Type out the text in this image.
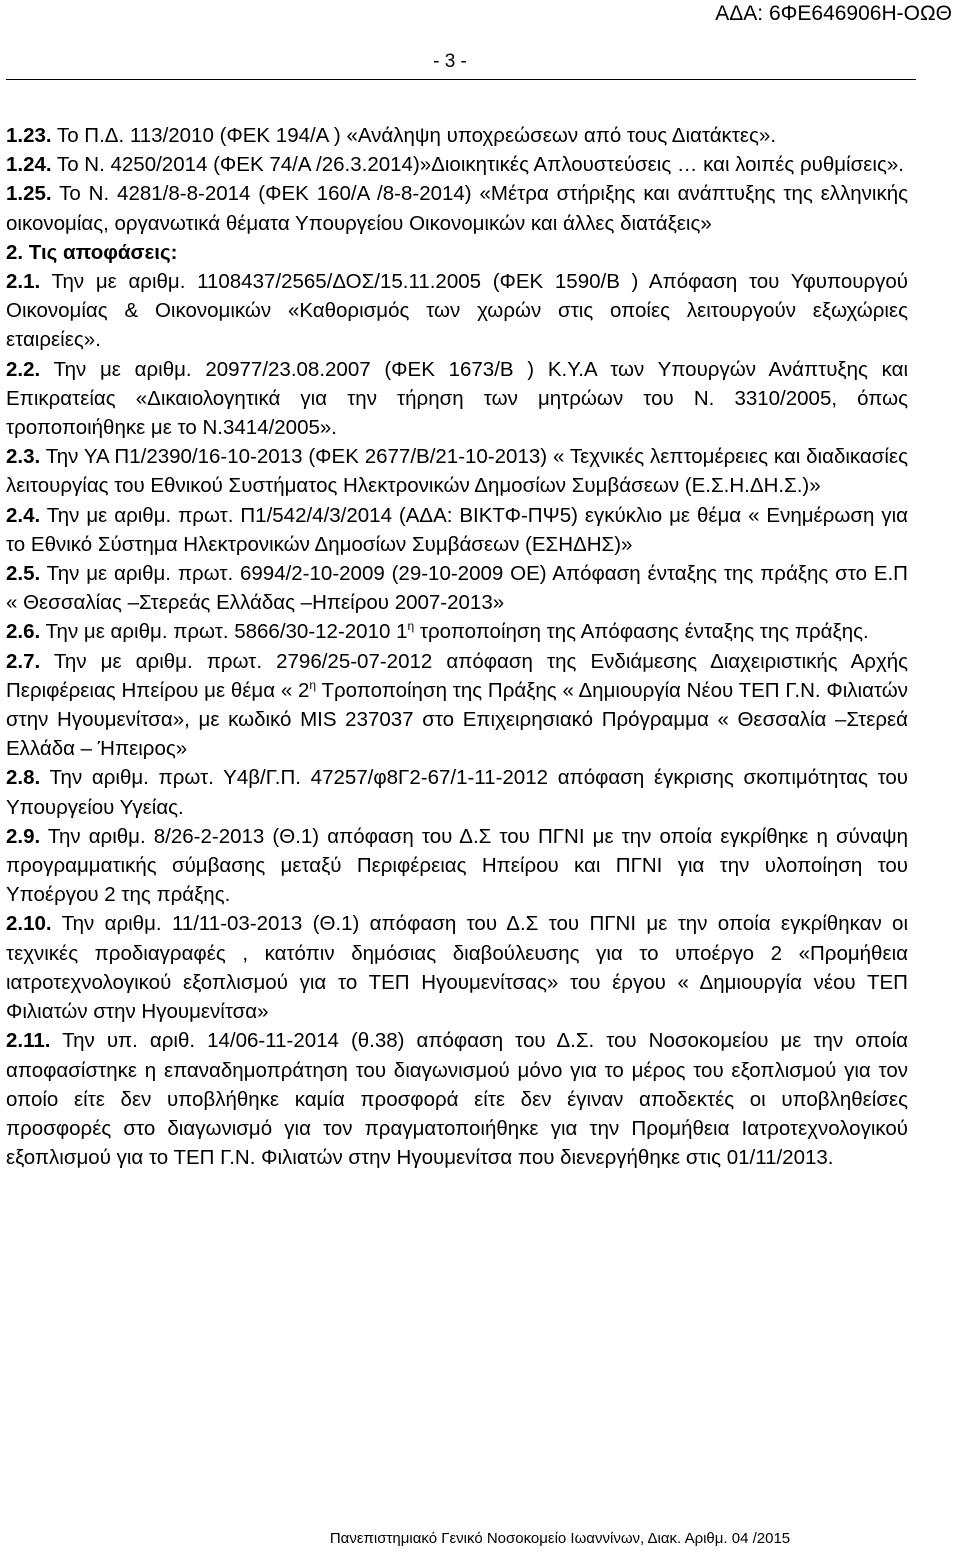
ΑΔΑ: 6ΦΕ646906Η-ΟΩΘ
- 3 -

1.23. Το Π.Δ. 113/2010 (ΦΕΚ 194/Α ) «Ανάληψη υποχρεώσεων από τους Διατάκτες».

1.24. Το Ν. 4250/2014 (ΦΕΚ 74/Α /26.3.2014)»Διοικητικές Απλουστεύσεις … και λοιπές ρυθμίσεις».

1.25. Το Ν. 4281/8-8-2014 (ΦΕΚ 160/Α /8-8-2014) «Μέτρα στήριξης και ανάπτυξης της ελληνικής οικονομίας, οργανωτικά θέματα Υπουργείου Οικονομικών και άλλες διατάξεις»

2. Τις αποφάσεις:

2.1. Την με αριθμ. 1108437/2565/ΔΟΣ/15.11.2005 (ΦΕΚ 1590/Β ) Απόφαση του Υφυπουργού Οικονομίας & Οικονομικών «Καθορισμός των χωρών στις οποίες λειτουργούν εξωχώριες εταιρείες».

2.2. Την με αριθμ. 20977/23.08.2007 (ΦΕΚ 1673/Β ) Κ.Υ.Α των Υπουργών Ανάπτυξης και Επικρατείας «Δικαιολογητικά για την τήρηση των μητρώων του Ν. 3310/2005, όπως τροποποιήθηκε με το Ν.3414/2005».

2.3. Την ΥΑ Π1/2390/16-10-2013 (ΦΕΚ 2677/Β/21-10-2013) « Τεχνικές λεπτομέρειες και διαδικασίες λειτουργίας του Εθνικού Συστήματος Ηλεκτρονικών Δημοσίων Συμβάσεων (Ε.Σ.Η.ΔΗ.Σ.)»

2.4. Την με αριθμ. πρωτ. Π1/542/4/3/2014 (ΑΔΑ: ΒΙΚΤΦ-ΠΨ5) εγκύκλιο με θέμα « Ενημέρωση για το Εθνικό Σύστημα Ηλεκτρονικών Δημοσίων Συμβάσεων (ΕΣΗΔΗΣ)»

2.5. Την με αριθμ. πρωτ. 6994/2-10-2009 (29-10-2009 ΟΕ) Απόφαση ένταξης της πράξης στο Ε.Π « Θεσσαλίας –Στερεάς Ελλάδας –Ηπείρου 2007-2013»

2.6. Την με αριθμ. πρωτ. 5866/30-12-2010 $1^\eta$ τροποποίηση της Απόφασης ένταξης της πράξης.

2.7. Την με αριθμ. πρωτ. 2796/25-07-2012 απόφαση της Ενδιάμεσης Διαχειριστικής Αρχής Περιφέρειας Ηπείρου με θέμα « $2^\eta$ Τροποποίηση της Πράξης « Δημιουργία Νέου ΤΕΠ Γ.Ν. Φιλιατών στην Ηγουμενίτσα», με κωδικό MIS 237037 στο Επιχειρησιακό Πρόγραμμα « Θεσσαλία –Στερεά Ελλάδα – Ήπειρος»

2.8. Την αριθμ. πρωτ. Υ4β/Γ.Π. 47257/φ8Γ2-67/1-11-2012 απόφαση έγκρισης σκοπιμότητας του Υπουργείου Υγείας.

2.9. Την αριθμ. 8/26-2-2013 (Θ.1) απόφαση του Δ.Σ του ΠΓΝΙ με την οποία εγκρίθηκε η σύναψη προγραμματικής σύμβασης μεταξύ Περιφέρειας Ηπείρου και ΠΓΝΙ για την υλοποίηση του Υποέργου 2 της πράξης.

2.10. Την αριθμ. 11/11-03-2013 (Θ.1) απόφαση του Δ.Σ του ΠΓΝΙ με την οποία εγκρίθηκαν οι τεχνικές προδιαγραφές , κατόπιν δημόσιας διαβούλευσης για το υποέργο 2 «Προμήθεια ιατροτεχνολογικού εξοπλισμού για το ΤΕΠ Ηγουμενίτσας» του έργου « Δημιουργία νέου ΤΕΠ Φιλιατών στην Ηγουμενίτσα»

2.11. Την υπ. αριθ. 14/06-11-2014 (θ.38) απόφαση του Δ.Σ. του Νοσοκομείου με την οποία αποφασίστηκε η επαναδημοπράτηση του διαγωνισμού μόνο για το μέρος του εξοπλισμού για τον οποίο είτε δεν υποβλήθηκε καμία προσφορά είτε δεν έγιναν αποδεκτές οι υποβληθείσες προσφορές στο διαγωνισμό για τον πραγματοποιήθηκε για την Προμήθεια Ιατροτεχνολογικού εξοπλισμού για το ΤΕΠ Γ.Ν. Φιλιατών στην Ηγουμενίτσα που διενεργήθηκε στις 01/11/2013.

Πανεπιστημιακό Γενικό Νοσοκομείο Ιωαννίνων, Διακ. Αριθμ. 04 /2015
